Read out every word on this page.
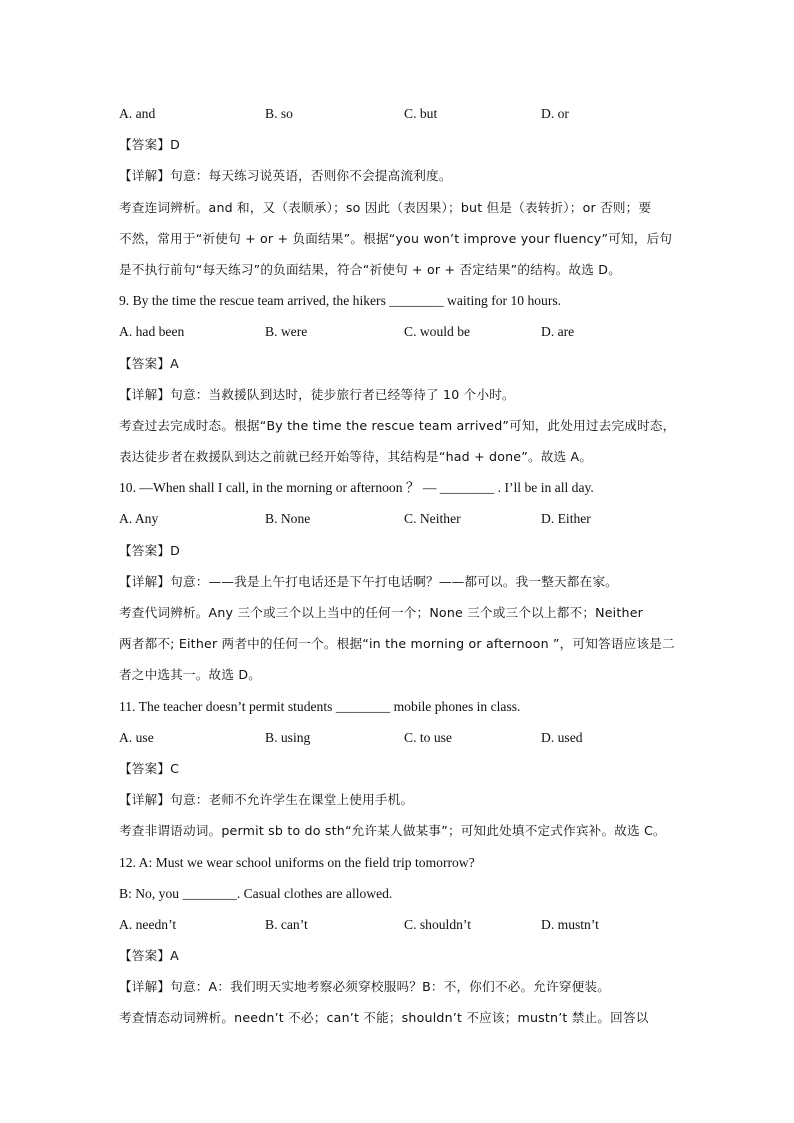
A. and	B. so	C. but	D. or
【答案】D
【详解】句意：每天练习说英语，否则你不会提高流利度。
考查连词辨析。and 和，又（表顺承）；so 因此（表因果）；but 但是（表转折）；or 否则；要
不然，常用于“祈使句 + or + 负面结果”。根据“you won’t improve your fluency”可知，后句
是不执行前句“每天练习”的负面结果，符合“祈使句 + or + 否定结果”的结构。故选 D。
9. By the time the rescue team arrived, the hikers ________ waiting for 10 hours.
A. had been	B. were	C. would be	D. are
【答案】A
【详解】句意：当救援队到达时，徒步旅行者已经等待了 10 个小时。
考查过去完成时态。根据“By the time the rescue team arrived”可知，此处用过去完成时态，
表达徒步者在救援队到达之前就已经开始等待，其结构是“had + done”。故选 A。
10. —When shall I call, in the morning or afternoon ？ — ________ . I’ll be in all day.
A. Any	B. None	C. Neither	D. Either
【答案】D
【详解】句意：——我是上午打电话还是下午打电话啊？——都可以。我一整天都在家。
考查代词辨析。Any 三个或三个以上当中的任何一个；None 三个或三个以上都不；Neither
两者都不; Either 两者中的任何一个。根据“in the morning or afternoon ”，可知答语应该是二
者之中选其一。故选 D。
11. The teacher doesn’t permit students ________ mobile phones in class.
A. use	B. using	C. to use	D. used
【答案】C
【详解】句意：老师不允许学生在课堂上使用手机。
考查非谓语动词。permit sb to do sth“允许某人做某事”；可知此处填不定式作宾补。故选 C。
12. A: Must we wear school uniforms on the field trip tomorrow?
B: No, you ________. Casual clothes are allowed.
A. needn’t	B. can’t	C. shouldn’t	D. mustn’t
【答案】A
【详解】句意：A：我们明天实地考察必须穿校服吗？B：不，你们不必。允许穿便装。
考查情态动词辨析。needn’t 不必；can’t 不能；shouldn’t 不应该；mustn’t 禁止。回答以
